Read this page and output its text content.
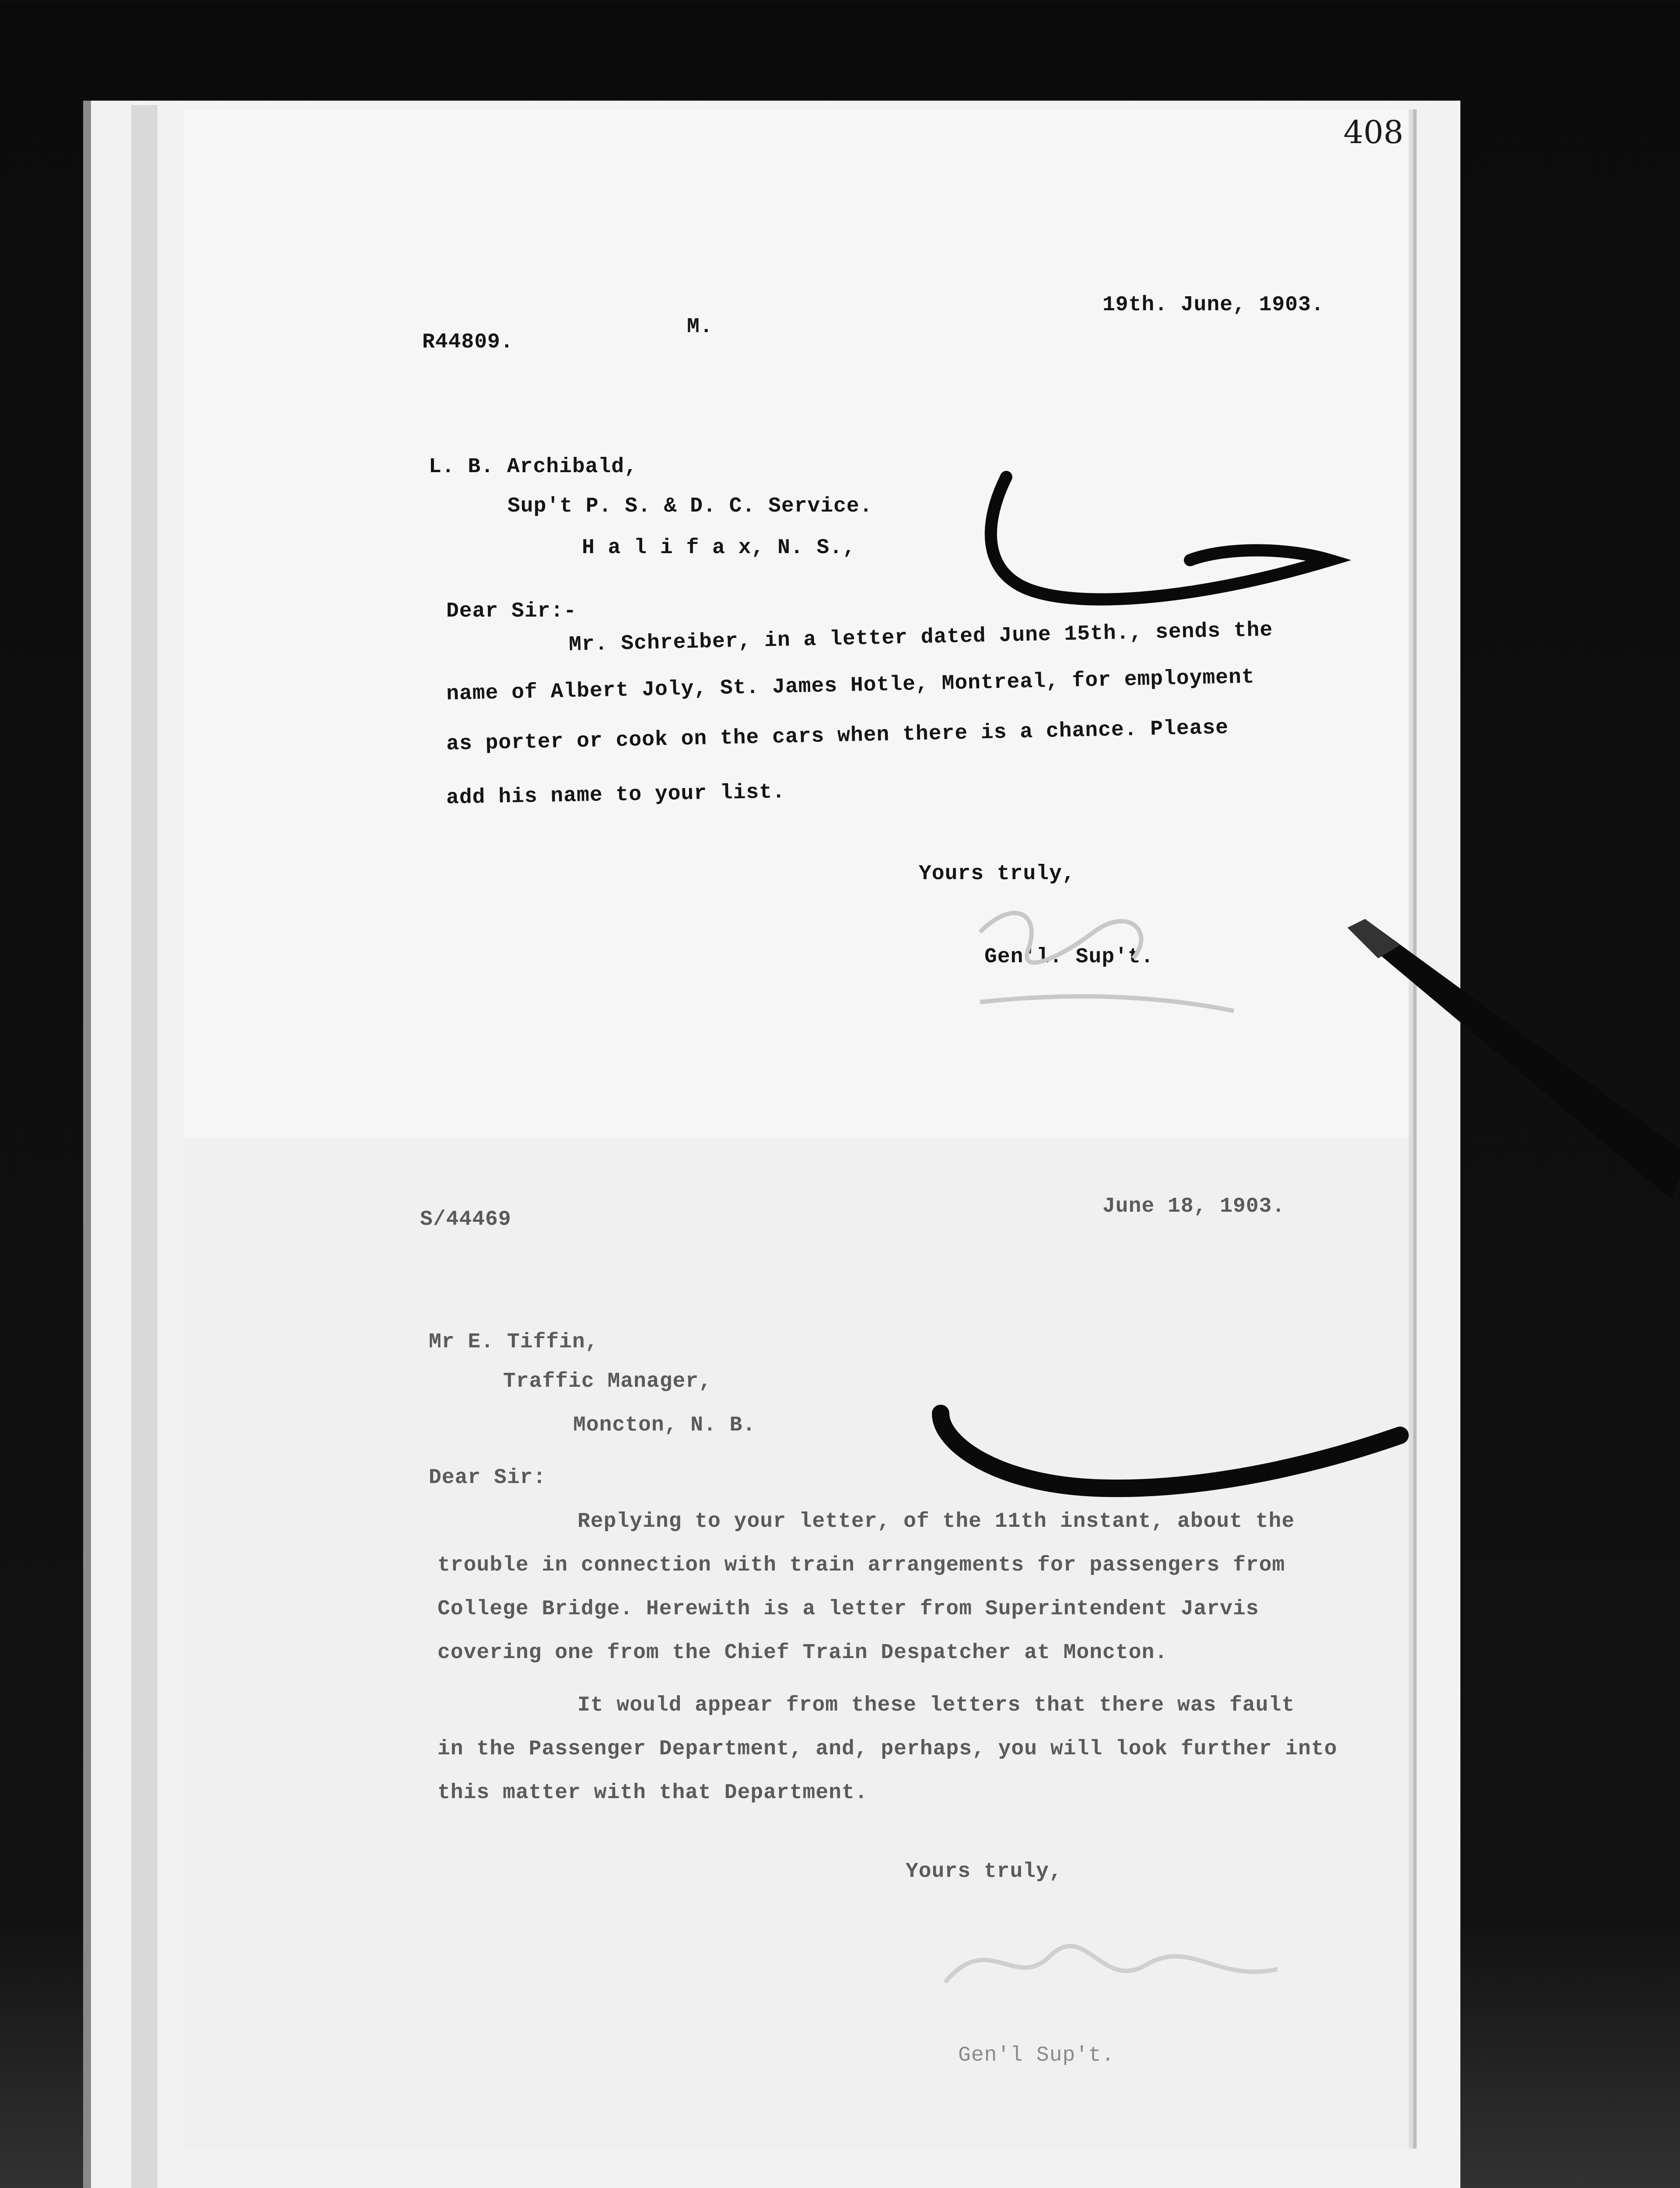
408
R44809.
M.
19th. June, 1903.
L. B. Archibald,
Sup't P. S. & D. C. Service.
H a l i f a x, N. S.,
Dear Sir:-
Mr. Schreiber, in a letter dated June 15th., sends the
name of Albert Joly, St. James Hotle, Montreal, for employment
as porter or cook on the cars when there is a chance. Please
add his name to your list.
Yours truly,
Gen'l. Sup't.
S/44469
June 18, 1903.
Mr E. Tiffin,
Traffic Manager,
Moncton, N. B.
Dear Sir:
Replying to your letter, of the 11th instant, about the
trouble in connection with train arrangements for passengers from
College Bridge. Herewith is a letter from Superintendent Jarvis
covering one from the Chief Train Despatcher at Moncton.
It would appear from these letters that there was fault
in the Passenger Department, and, perhaps, you will look further into
this matter with that Department.
Yours truly,
Gen'l Sup't.
